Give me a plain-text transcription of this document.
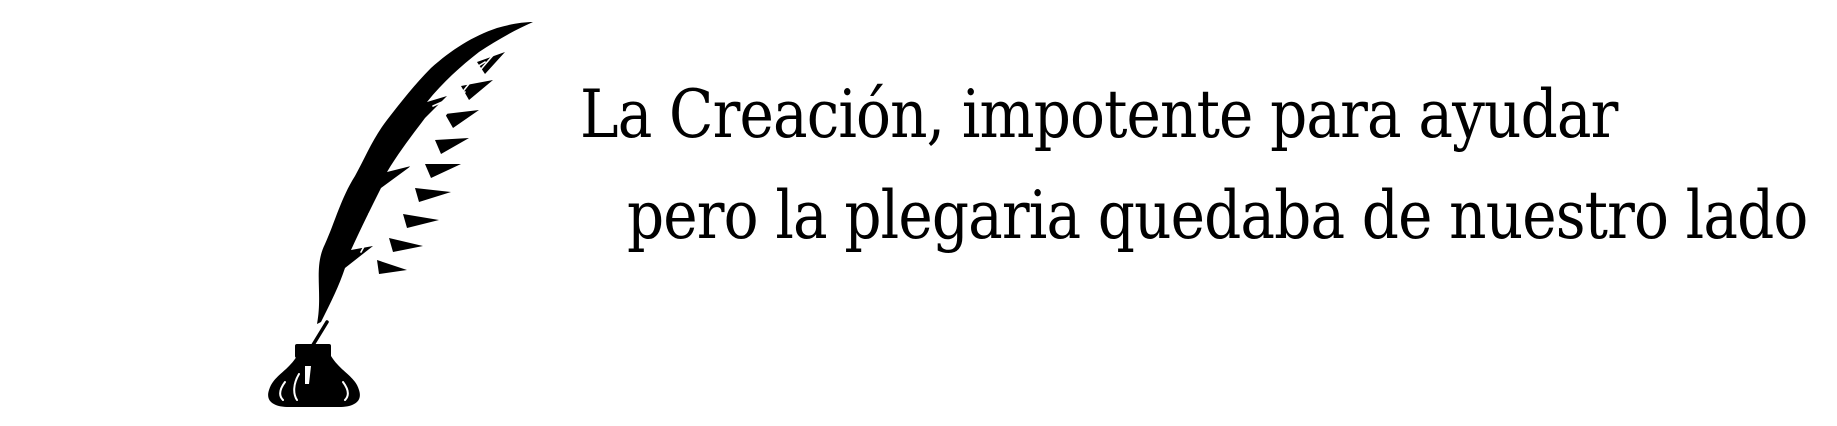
La Creación, impotente para ayudar
pero la plegaria quedaba de nuestro lado
